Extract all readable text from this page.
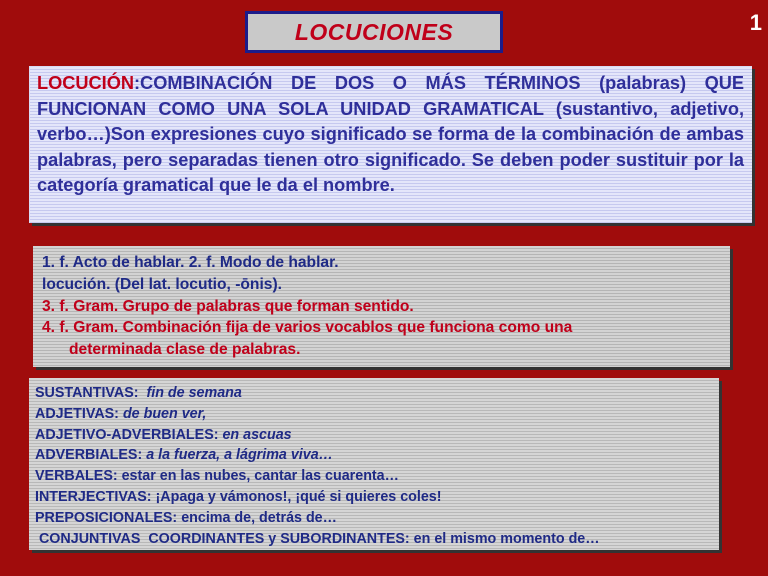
LOCUCIONES	1
LOCUCIÓN:COMBINACIÓN DE DOS O MÁS TÉRMINOS (palabras) QUE FUNCIONAN COMO UNA SOLA UNIDAD GRAMATICAL (sustantivo, adjetivo, verbo…)Son expresiones cuyo significado se forma de la combinación de ambas palabras, pero separadas tienen otro significado. Se deben poder sustituir por la categoría gramatical que le da el nombre.
1. f. Acto de hablar. 2. f. Modo de hablar.
locución. (Del lat. locutio, -ōnis).
3. f. Gram. Grupo de palabras que forman sentido.
4. f. Gram. Combinación fija de varios vocablos que funciona como una
determinada clase de palabras.
SUSTANTIVAS: fin de semana
ADJETIVAS: de buen ver,
ADJETIVO-ADVERBIALES: en ascuas
ADVERBIALES: a la fuerza, a lágrima viva…
VERBALES: estar en las nubes, cantar las cuarenta…
INTERJECTIVAS: ¡Apaga y vámonos!, ¡qué si quieres coles!
PREPOSICIONALES: encima de, detrás de…
CONJUNTIVAS  COORDINANTES y SUBORDINANTES: en el mismo momento de…
